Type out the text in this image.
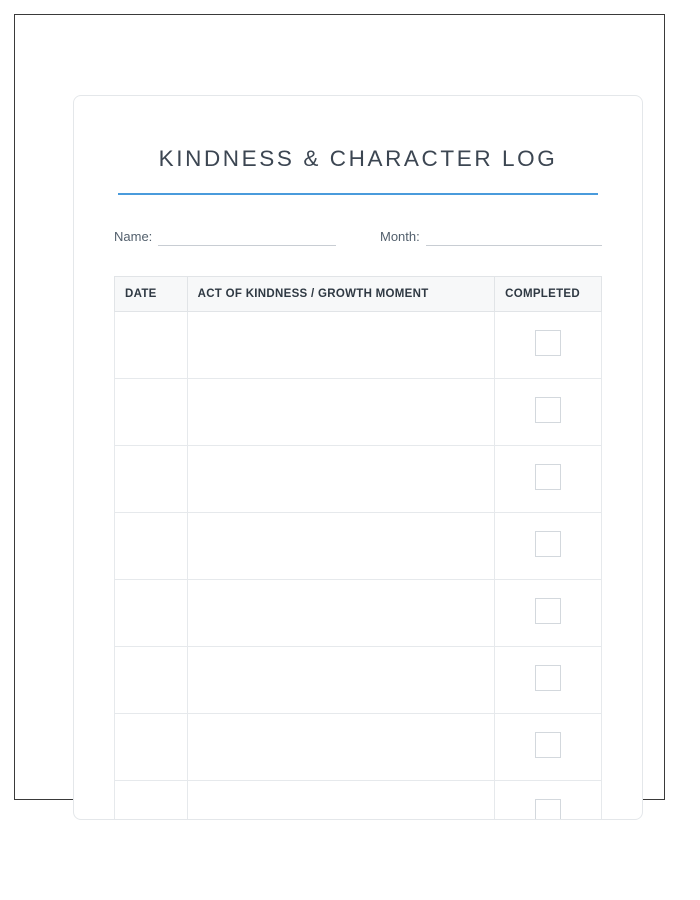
KINDNESS & CHARACTER LOG
Name:	Month:
DATE	ACT OF KINDNESS / GROWTH MOMENT	COMPLETED
